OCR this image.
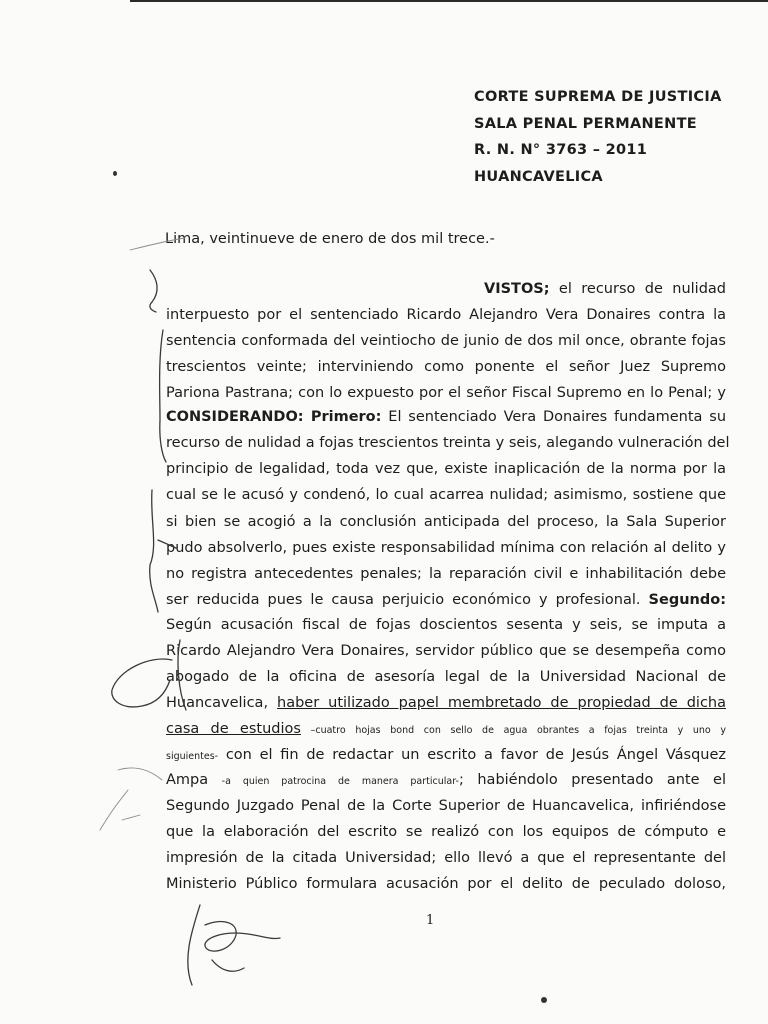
CORTE SUPREMA DE JUSTICIA
SALA PENAL PERMANENTE
R. N. N° 3763 – 2011
HUANCAVELICA
Lima, veintinueve de enero de dos mil trece.-
VISTOS; el recurso de nulidad
interpuesto por el sentenciado Ricardo Alejandro Vera Donaires contra la
sentencia conformada del veintiocho de junio de dos mil once, obrante fojas
trescientos veinte; interviniendo como ponente el señor Juez Supremo
Pariona Pastrana; con lo expuesto por el señor Fiscal Supremo en lo Penal; y
CONSIDERANDO: Primero: El sentenciado Vera Donaires fundamenta su
recurso de nulidad a fojas trescientos treinta y seis, alegando vulneración del
principio de legalidad, toda vez que, existe inaplicación de la norma por la
cual se le acusó y condenó, lo cual acarrea nulidad; asimismo, sostiene que
si bien se acogió a la conclusión anticipada del proceso, la Sala Superior
pudo absolverlo, pues existe responsabilidad mínima con relación al delito y
no registra antecedentes penales; la reparación civil e inhabilitación debe
ser reducida pues le causa perjuicio económico y profesional. Segundo:
Según acusación fiscal de fojas doscientos sesenta y seis, se imputa a
Ricardo Alejandro Vera Donaires, servidor público que se desempeña como
abogado de la oficina de asesoría legal de la Universidad Nacional de
Huancavelica, haber utilizado papel membretado de propiedad de dicha
casa de estudios –cuatro hojas bond con sello de agua obrantes a fojas treinta y uno y
siguientes- con el fin de redactar un escrito a favor de Jesús Ángel Vásquez
Ampa -a quien patrocina de manera particular-; habiéndolo presentado ante el
Segundo Juzgado Penal de la Corte Superior de Huancavelica, infiriéndose
que la elaboración del escrito se realizó con los equipos de cómputo e
impresión de la citada Universidad; ello llevó a que el representante del
Ministerio Público formulara acusación por el delito de peculado doloso,
1
